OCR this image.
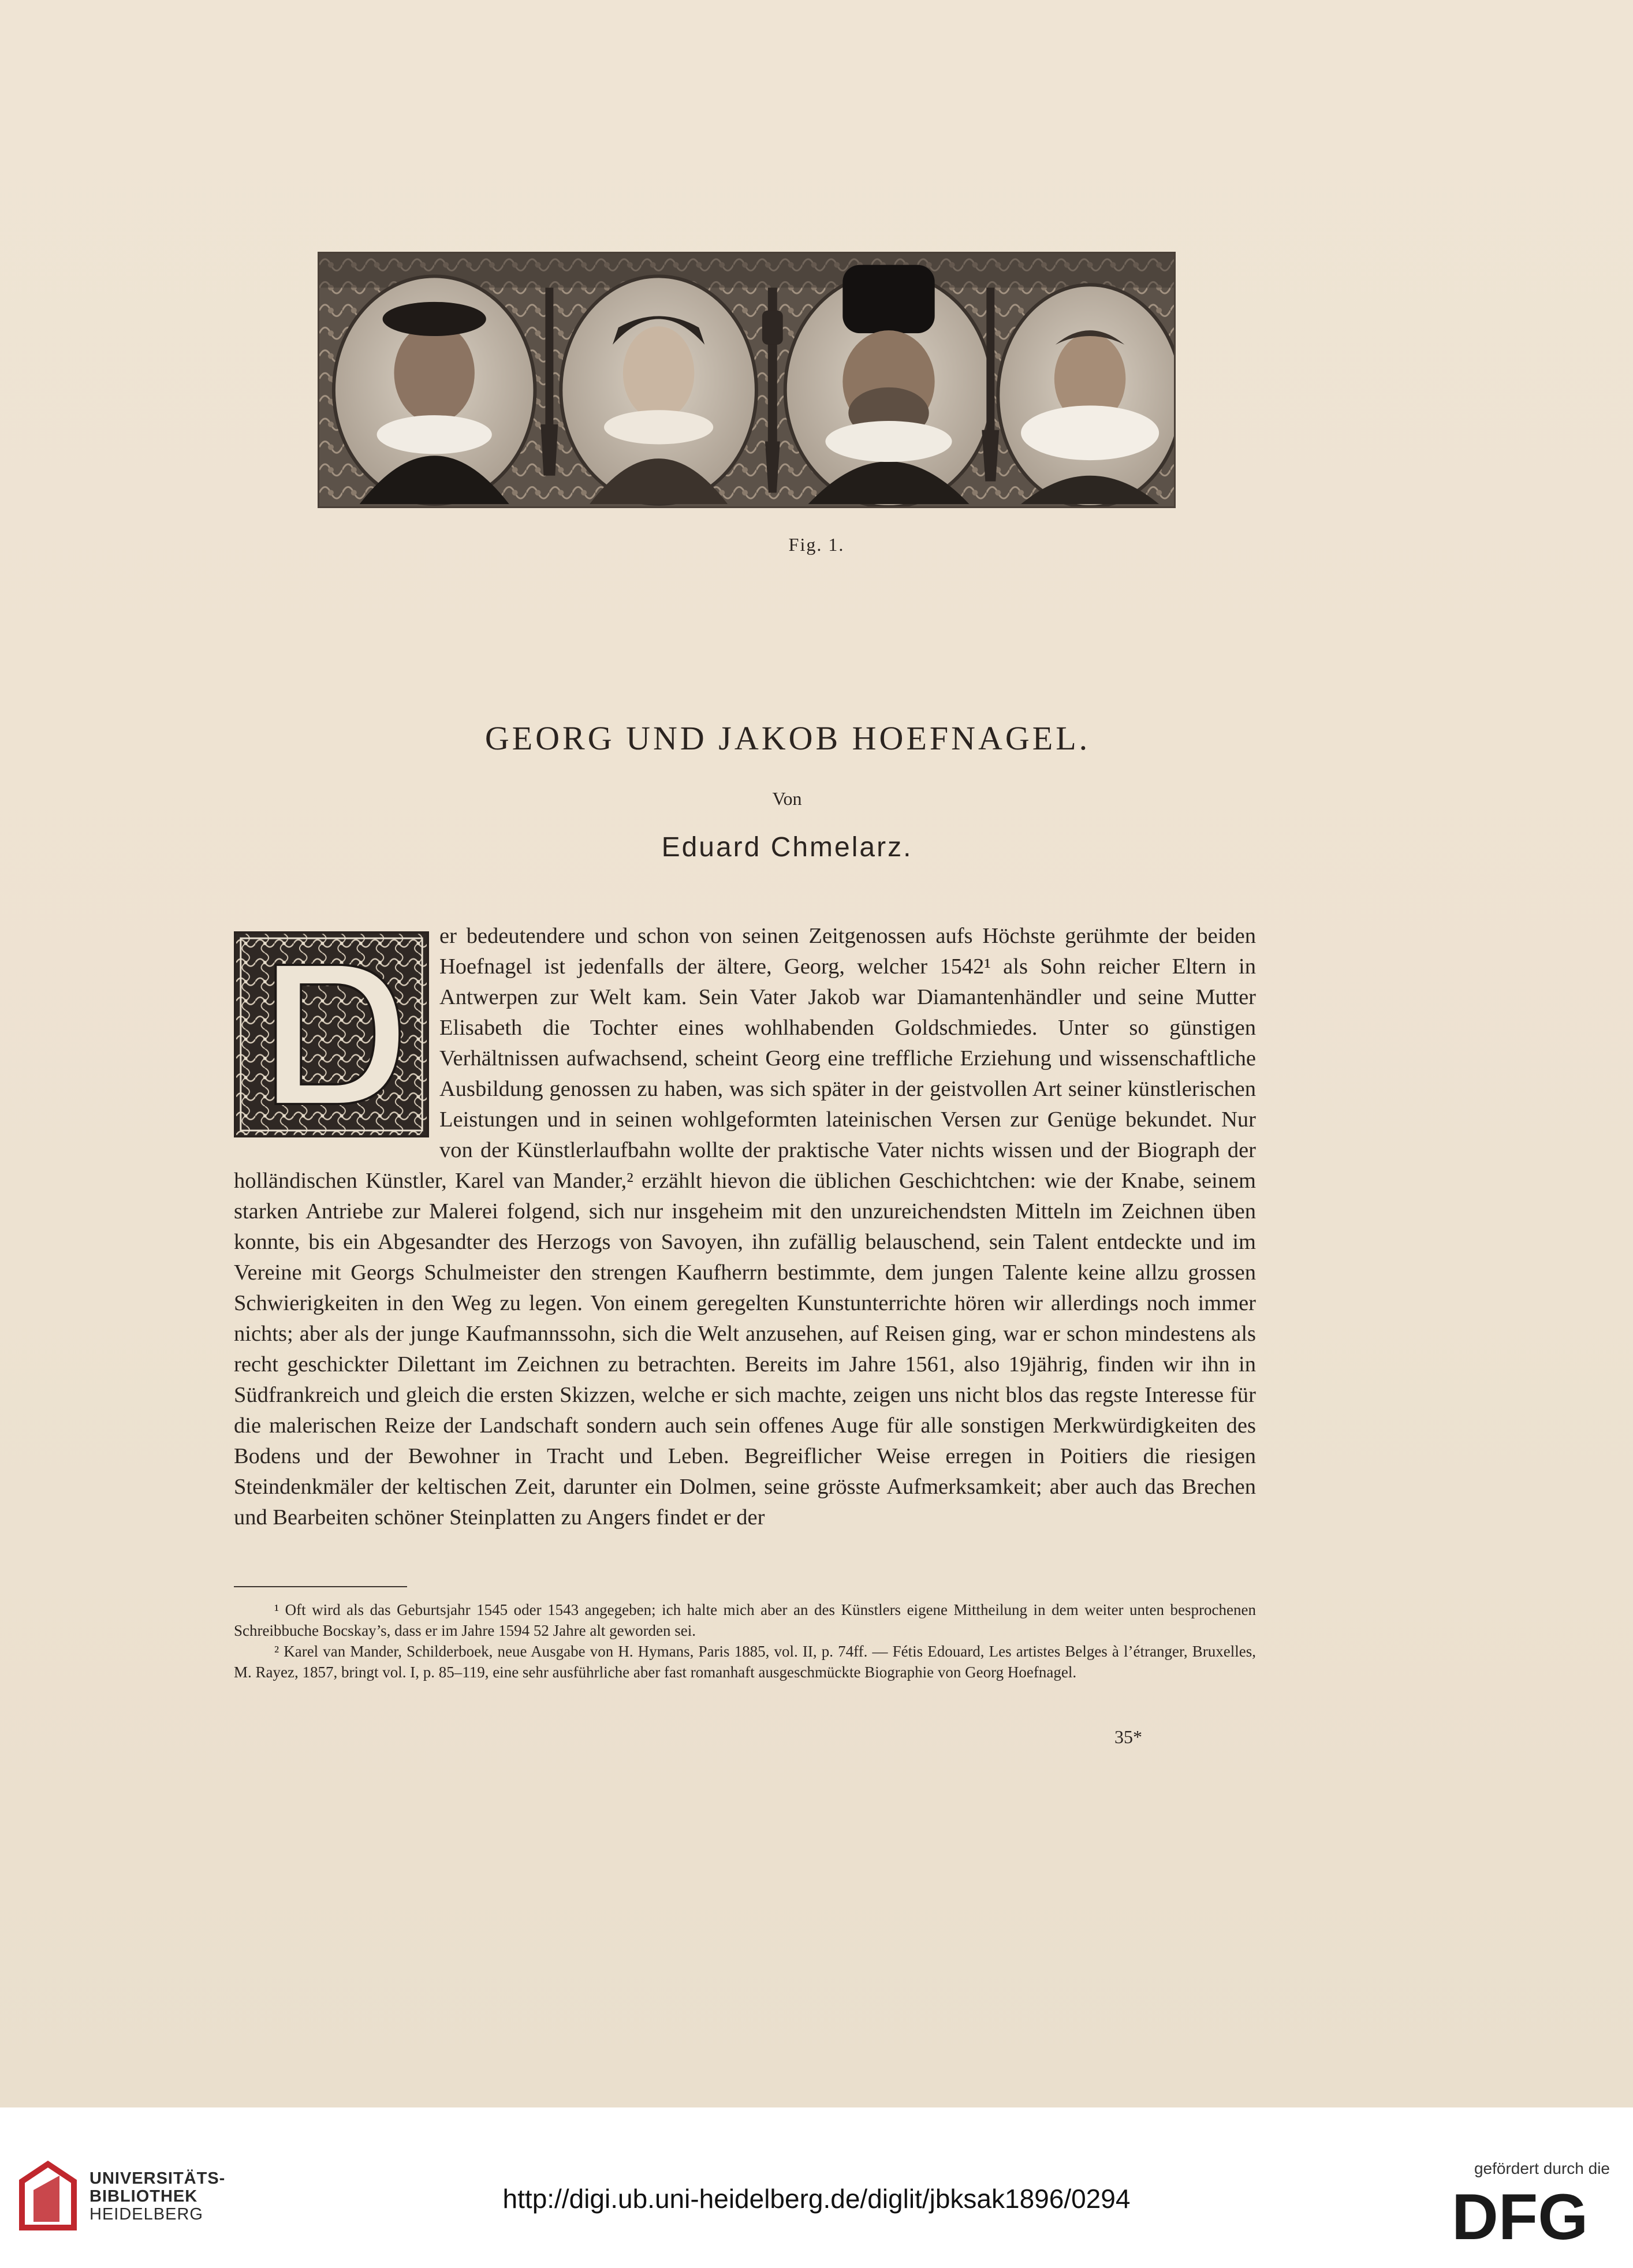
Fig. 1.
GEORG UND JAKOB HOEFNAGEL.
Von
Eduard Chmelarz.

er bedeutendere und schon von seinen Zeitgenossen aufs Höchste gerühmte der beiden Hoefnagel ist jedenfalls der ältere, Georg, welcher 1542¹ als Sohn reicher Eltern in Antwerpen zur Welt kam. Sein Vater Jakob war Diamantenhändler und seine Mutter Elisabeth die Tochter eines wohlhabenden Goldschmiedes. Unter so günstigen Verhältnissen aufwachsend, scheint Georg eine treffliche Erziehung und wissenschaftliche Ausbildung genossen zu haben, was sich später in der geistvollen Art seiner künstlerischen Leistungen und in seinen wohlgeformten lateinischen Versen zur Genüge bekundet. Nur von der Künstlerlaufbahn wollte der praktische Vater nichts wissen und der Biograph der holländischen Künstler, Karel van Mander,² erzählt hievon die üblichen Geschichtchen: wie der Knabe, seinem starken Antriebe zur Malerei folgend, sich nur insgeheim mit den unzureichendsten Mitteln im Zeichnen üben konnte, bis ein Abgesandter des Herzogs von Savoyen, ihn zufällig belauschend, sein Talent entdeckte und im Vereine mit Georgs Schulmeister den strengen Kaufherrn bestimmte, dem jungen Talente keine allzu grossen Schwierigkeiten in den Weg zu legen. Von einem geregelten Kunstunterrichte hören wir allerdings noch immer nichts; aber als der junge Kaufmannssohn, sich die Welt anzusehen, auf Reisen ging, war er schon mindestens als recht geschickter Dilettant im Zeichnen zu betrachten. Bereits im Jahre 1561, also 19jährig, finden wir ihn in Südfrankreich und gleich die ersten Skizzen, welche er sich machte, zeigen uns nicht blos das regste Interesse für die malerischen Reize der Landschaft sondern auch sein offenes Auge für alle sonstigen Merkwürdigkeiten des Bodens und der Bewohner in Tracht und Leben. Begreiflicher Weise erregen in Poitiers die riesigen Steindenkmäler der keltischen Zeit, darunter ein Dolmen, seine grösste Aufmerksamkeit; aber auch das Brechen und Bearbeiten schöner Steinplatten zu Angers findet er der

¹ Oft wird als das Geburtsjahr 1545 oder 1543 angegeben; ich halte mich aber an des Künstlers eigene Mittheilung in dem weiter unten besprochenen Schreibbuche Bocskay’s, dass er im Jahre 1594 52 Jahre alt geworden sei.

² Karel van Mander, Schilderboek, neue Ausgabe von H. Hymans, Paris 1885, vol. II, p. 74ff. — Fétis Edouard, Les artistes Belges à l’étranger, Bruxelles, M. Rayez, 1857, bringt vol. I, p. 85–119, eine sehr ausführliche aber fast romanhaft ausgeschmückte Biographie von Georg Hoefnagel.

35*
UNIVERSITÄTS-
BIBLIOTHEK
HEIDELBERG
http://digi.ub.uni-heidelberg.de/diglit/jbksak1896/0294
gefördert durch die
DFG
